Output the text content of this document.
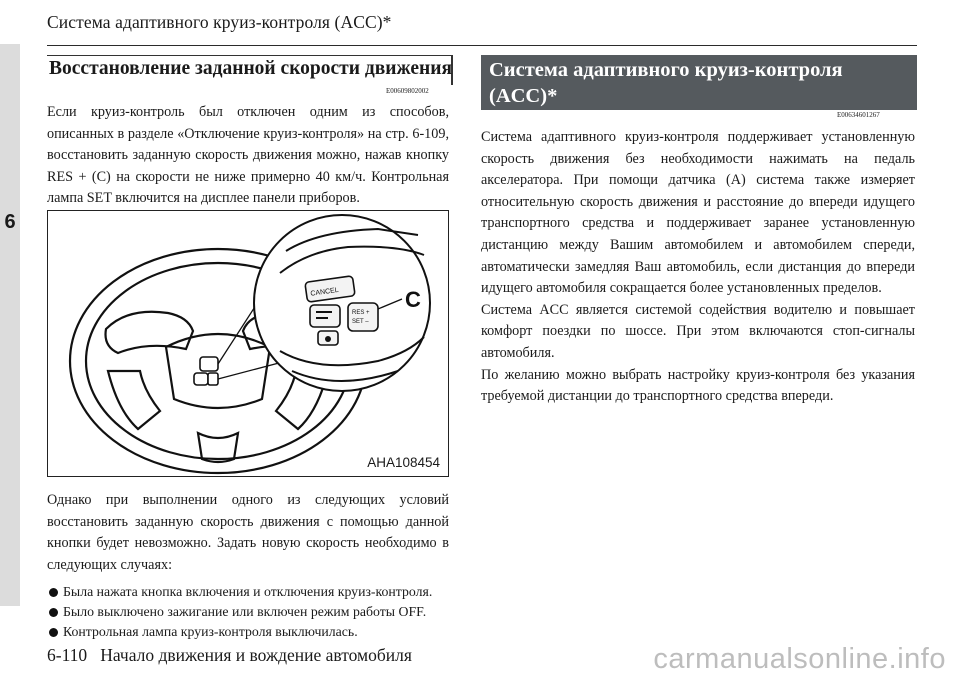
Система адаптивного круиз-контроля (ACC)*
6
Восстановление заданной скорости движения
E00609802002
Если круиз-контроль был отключен одним из способов, описанных в разделе «Отключение круиз-контроля» на стр. 6-109, восстановить заданную скорость движения можно, нажав кнопку RES + (C) на скорости не ниже примерно 40 км/ч. Контрольная лампа SET включится на дисплее панели приборов.
CANCEL
RES +
SET –
C
AHA108454
Однако при выполнении одного из следующих условий восстановить заданную скорость движения с помощью данной кнопки будет невозможно. Задать новую скорость необходимо в следующих случаях:
Была нажата кнопка включения и отключения круиз-контроля.
Было выключено зажигание или включен режим работы OFF.
Контрольная лампа круиз-контроля выключилась.
Система адаптивного круиз-контроля
(ACC)*
E00634601267
Система адаптивного круиз-контроля поддерживает установленную скорость движения без необходимости нажимать на педаль акселератора. При помощи датчика (A) система также измеряет относительную скорость движения и расстояние до впереди идущего транспортного средства и поддерживает заранее установленную дистанцию между Вашим автомобилем и автомобилем спереди, автоматически замедляя Ваш автомобиль, если дистанция до впереди идущего автомобиля сокращается более установленных пределов.
Система ACC является системой содействия водителю и повышает комфорт поездки по шоссе. При этом включаются стоп-сигналы автомобиля.
По желанию можно выбрать настройку круиз-контроля без указания требуемой дистанции до транспортного средства впереди.
6-110 Начало движения и вождение автомобиля	carmanualsonline.info
